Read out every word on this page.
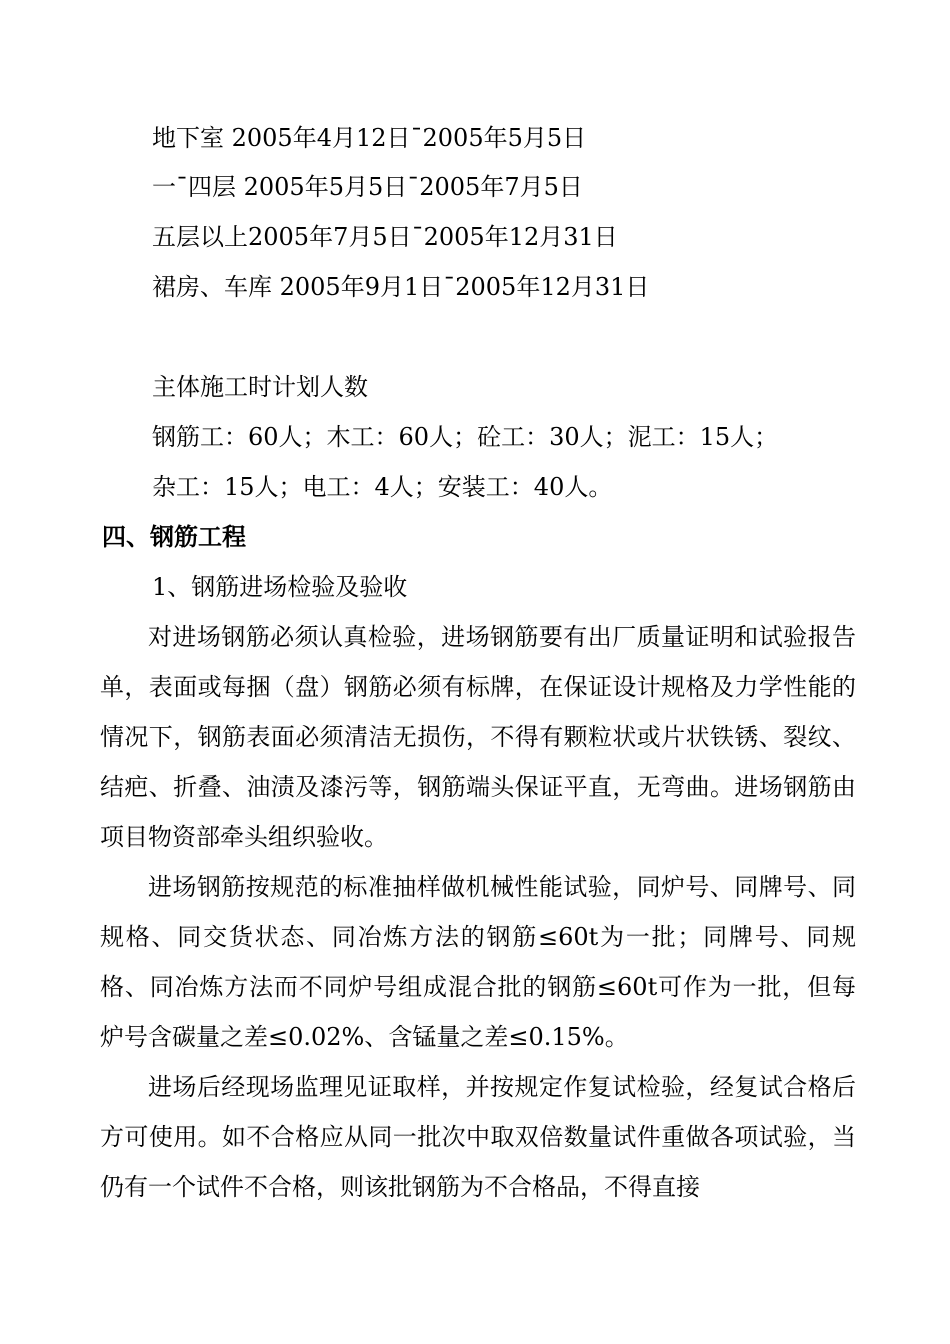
地下室 2005年4月12日¯2005年5月5日
一¯四层 2005年5月5日¯2005年7月5日
五层以上2005年7月5日¯2005年12月31日
裙房、车库 2005年9月1日¯2005年12月31日
主体施工时计划人数
钢筋工：60人；木工：60人；砼工：30人；泥工：15人；
杂工：15人；电工：4人；安装工：40人。
四、钢筋工程
1、钢筋进场检验及验收
对进场钢筋必须认真检验，进场钢筋要有出厂质量证明和试验报告单，表面或每捆（盘）钢筋必须有标牌，在保证设计规格及力学性能的情况下，钢筋表面必须清洁无损伤，不得有颗粒状或片状铁锈、裂纹、结疤、折叠、油渍及漆污等，钢筋端头保证平直，无弯曲。进场钢筋由项目物资部牵头组织验收。
进场钢筋按规范的标准抽样做机械性能试验，同炉号、同牌号、同规格、同交货状态、同冶炼方法的钢筋≤60t为一批；同牌号、同规格、同冶炼方法而不同炉号组成混合批的钢筋≤60t可作为一批，但每炉号含碳量之差≤0.02%、含锰量之差≤0.15%。
进场后经现场监理见证取样，并按规定作复试检验，经复试合格后方可使用。如不合格应从同一批次中取双倍数量试件重做各项试验，当仍有一个试件不合格，则该批钢筋为不合格品，不得直接
